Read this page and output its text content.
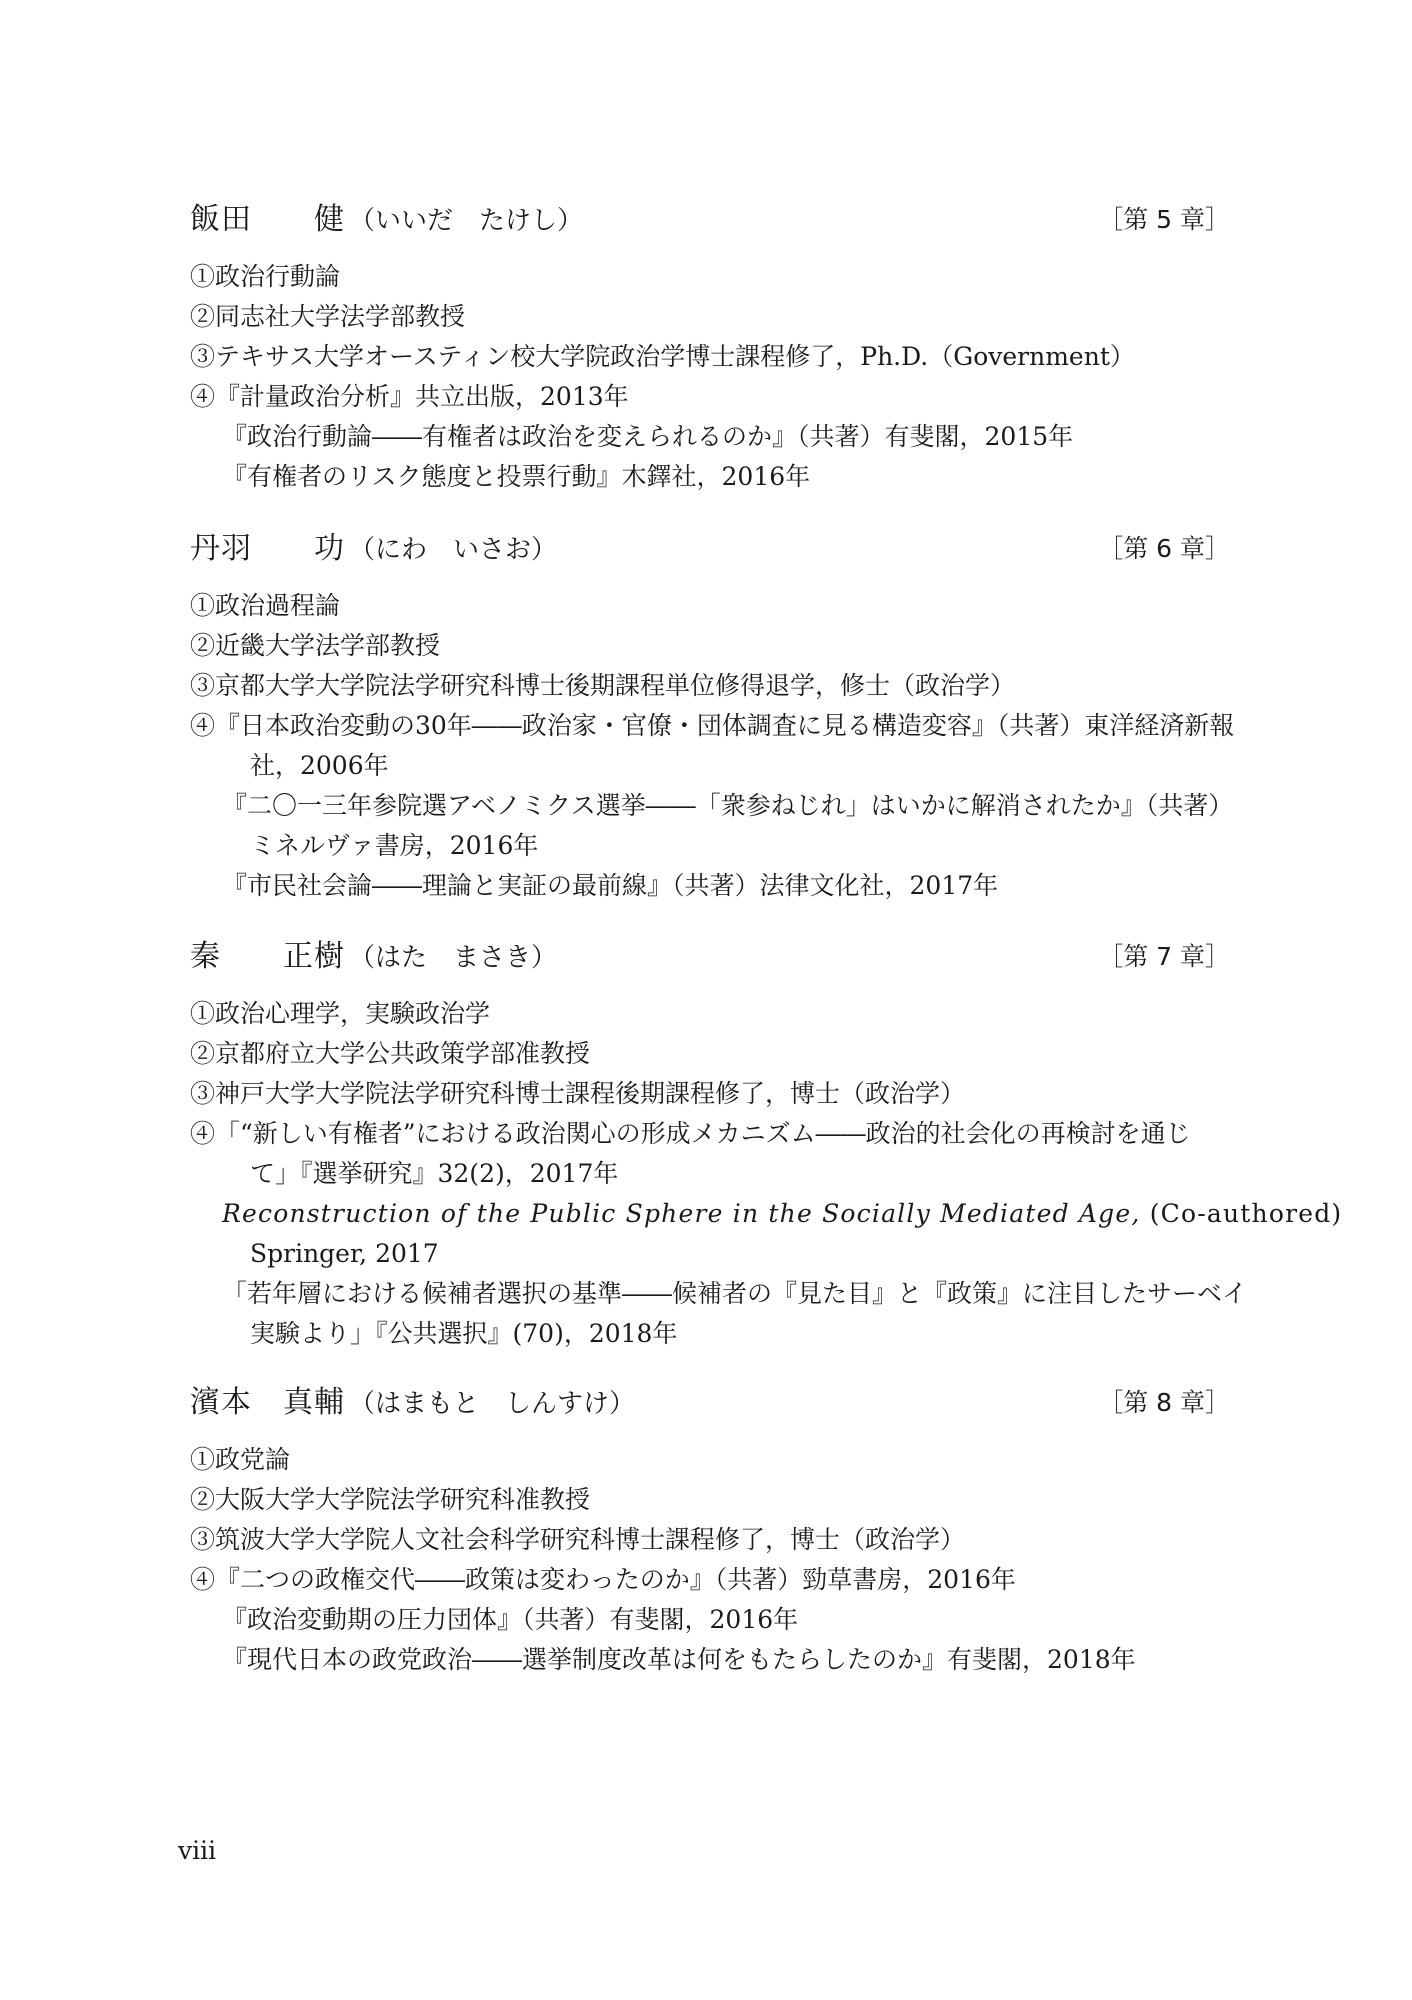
飯田　　健 （いいだ　たけし）	［第 5 章］
①政治行動論
②同志社大学法学部教授
③テキサス大学オースティン校大学院政治学博士課程修了，Ph.D.（Government）
④『計量政治分析』共立出版，2013年
『政治行動論――有権者は政治を変えられるのか』（共著）有斐閣，2015年
『有権者のリスク態度と投票行動』木鐸社，2016年
丹羽　　功 （にわ　いさお）	［第 6 章］
①政治過程論
②近畿大学法学部教授
③京都大学大学院法学研究科博士後期課程単位修得退学，修士（政治学）
④『日本政治変動の30年――政治家・官僚・団体調査に見る構造変容』（共著）東洋経済新報
社，2006年
『二〇一三年参院選アベノミクス選挙――「衆参ねじれ」はいかに解消されたか』（共著）
ミネルヴァ書房，2016年
『市民社会論――理論と実証の最前線』（共著）法律文化社，2017年
秦　　正樹 （はた　まさき）	［第 7 章］
①政治心理学，実験政治学
②京都府立大学公共政策学部准教授
③神戸大学大学院法学研究科博士課程後期課程修了，博士（政治学）
④「“新しい有権者”における政治関心の形成メカニズム――政治的社会化の再検討を通じ
て」『選挙研究』32(2)，2017年
Reconstruction of the Public Sphere in the Socially Mediated Age, (Co-authored)
Springer, 2017
「若年層における候補者選択の基準――候補者の『見た目』と『政策』に注目したサーベイ
実験より」『公共選択』(70)，2018年
濱本　真輔 （はまもと　しんすけ）	［第 8 章］
①政党論
②大阪大学大学院法学研究科准教授
③筑波大学大学院人文社会科学研究科博士課程修了，博士（政治学）
④『二つの政権交代――政策は変わったのか』（共著）勁草書房，2016年
『政治変動期の圧力団体』（共著）有斐閣，2016年
『現代日本の政党政治――選挙制度改革は何をもたらしたのか』有斐閣，2018年
viii
